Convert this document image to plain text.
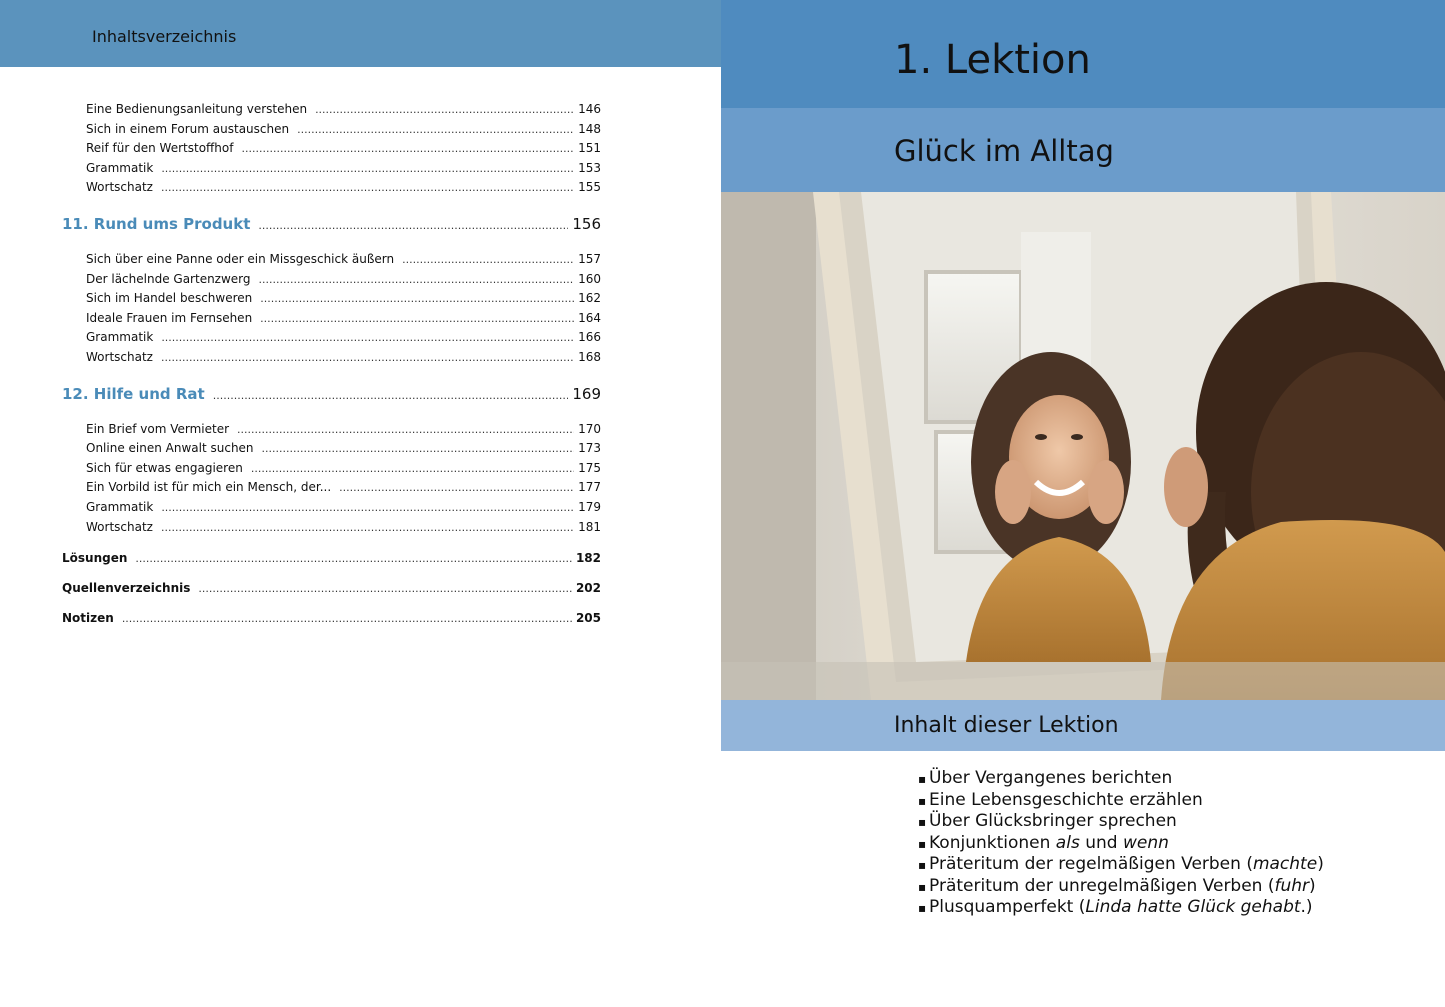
Inhaltsverzeichnis
Eine Bedienungsanleitung verstehen .....	146
Sich in einem Forum austauschen .....	148
Reif für den Wertstoffhof .....	151
Grammatik .....	153
Wortschatz .....	155
11. Rund ums Produkt .....	156
Sich über eine Panne oder ein Missgeschick äußern .....	157
Der lächelnde Gartenzwerg .....	160
Sich im Handel beschweren .....	162
Ideale Frauen im Fernsehen .....	164
Grammatik .....	166
Wortschatz .....	168
12. Hilfe und Rat .....	169
Ein Brief vom Vermieter .....	170
Online einen Anwalt suchen .....	173
Sich für etwas engagieren .....	175
Ein Vorbild ist für mich ein Mensch, der... .....	177
Grammatik .....	179
Wortschatz .....	181
Lösungen .....	182
Quellenverzeichnis .....	202
Notizen .....	205
1. Lektion
Glück im Alltag
Inhalt dieser Lektion
▪ Über Vergangenes berichten
▪ Eine Lebensgeschichte erzählen
▪ Über Glücksbringer sprechen
▪ Konjunktionen als und wenn
▪ Präteritum der regelmäßigen Verben (machte)
▪ Präteritum der unregelmäßigen Verben (fuhr)
▪ Plusquamperfekt (Linda hatte Glück gehabt.)
